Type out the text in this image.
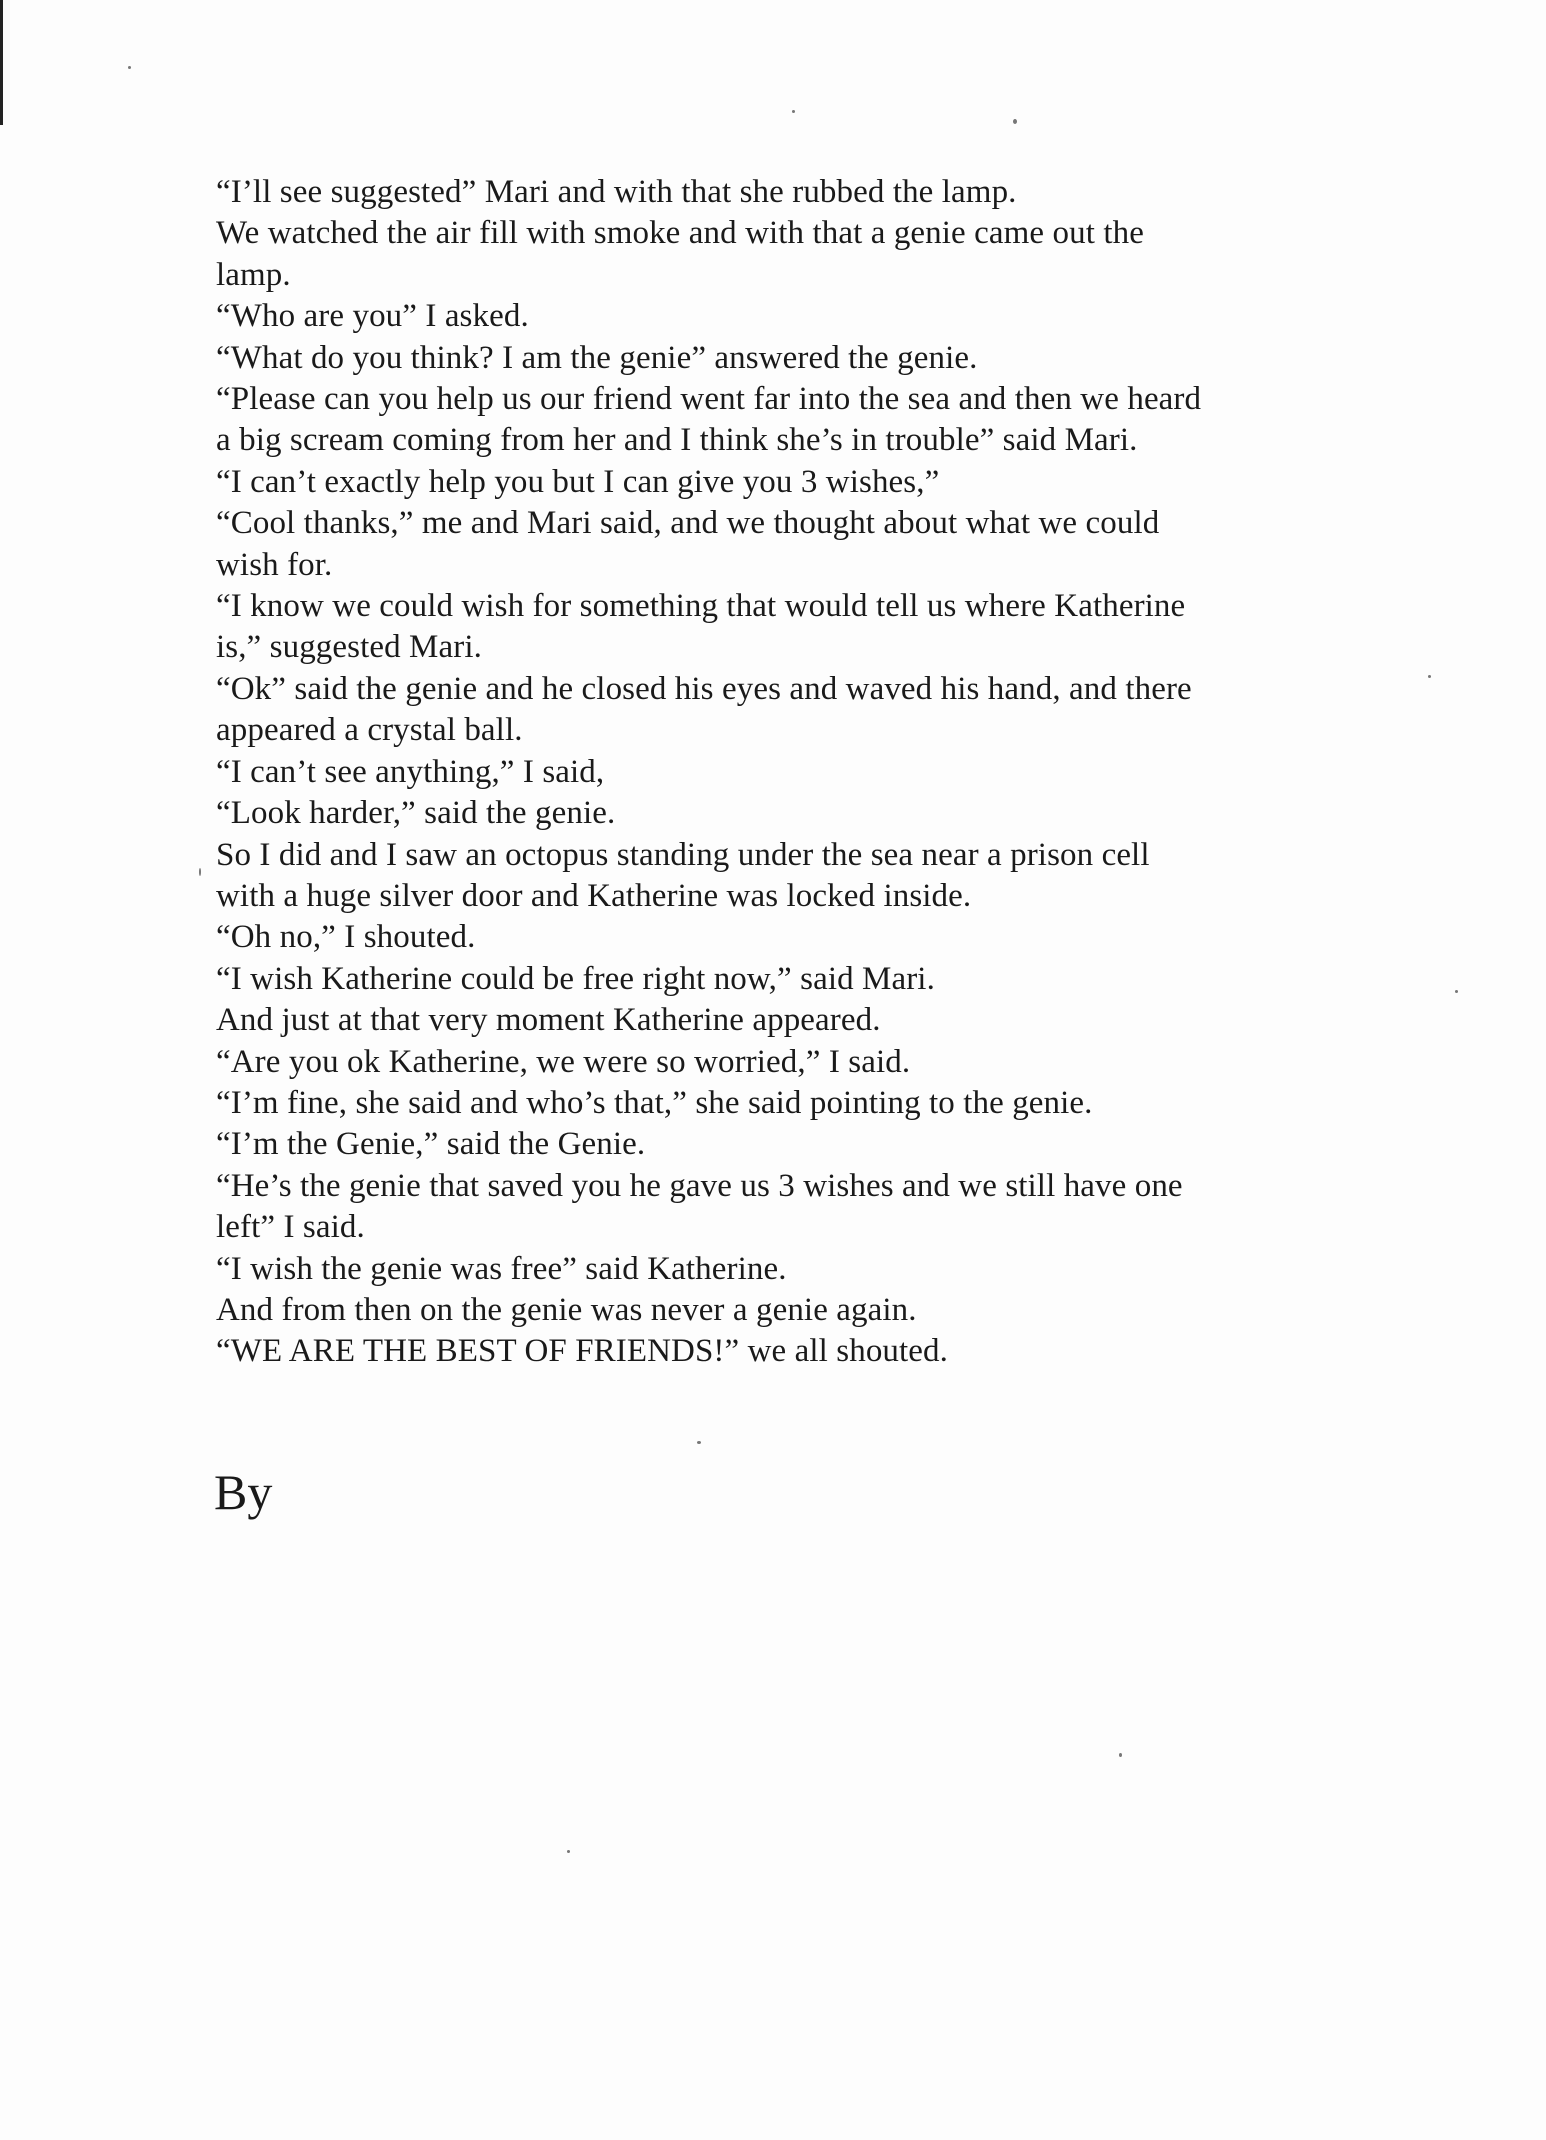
“I’ll see suggested” Mari and with that she rubbed the lamp.
We watched the air fill with smoke and with that a genie came out the
lamp.
“Who are you” I asked.
“What do you think? I am the genie” answered the genie.
“Please can you help us our friend went far into the sea and then we heard
a big scream coming from her and I think she’s in trouble” said Mari.
“I can’t exactly help you but I can give you 3 wishes,”
“Cool thanks,” me and Mari said, and we thought about what we could
wish for.
“I know we could wish for something that would tell us where Katherine
is,” suggested Mari.
“Ok” said the genie and he closed his eyes and waved his hand, and there
appeared a crystal ball.
“I can’t see anything,” I said,
“Look harder,” said the genie.
So I did and I saw an octopus standing under the sea near a prison cell
with a huge silver door and Katherine was locked inside.
“Oh no,” I shouted.
“I wish Katherine could be free right now,” said Mari.
And just at that very moment Katherine appeared.
“Are you ok Katherine, we were so worried,” I said.
“I’m fine, she said and who’s that,” she said pointing to the genie.
“I’m the Genie,” said the Genie.
“He’s the genie that saved you he gave us 3 wishes and we still have one
left” I said.
“I wish the genie was free” said Katherine.
And from then on the genie was never a genie again.
“WE ARE THE BEST OF FRIENDS!” we all shouted.
By
